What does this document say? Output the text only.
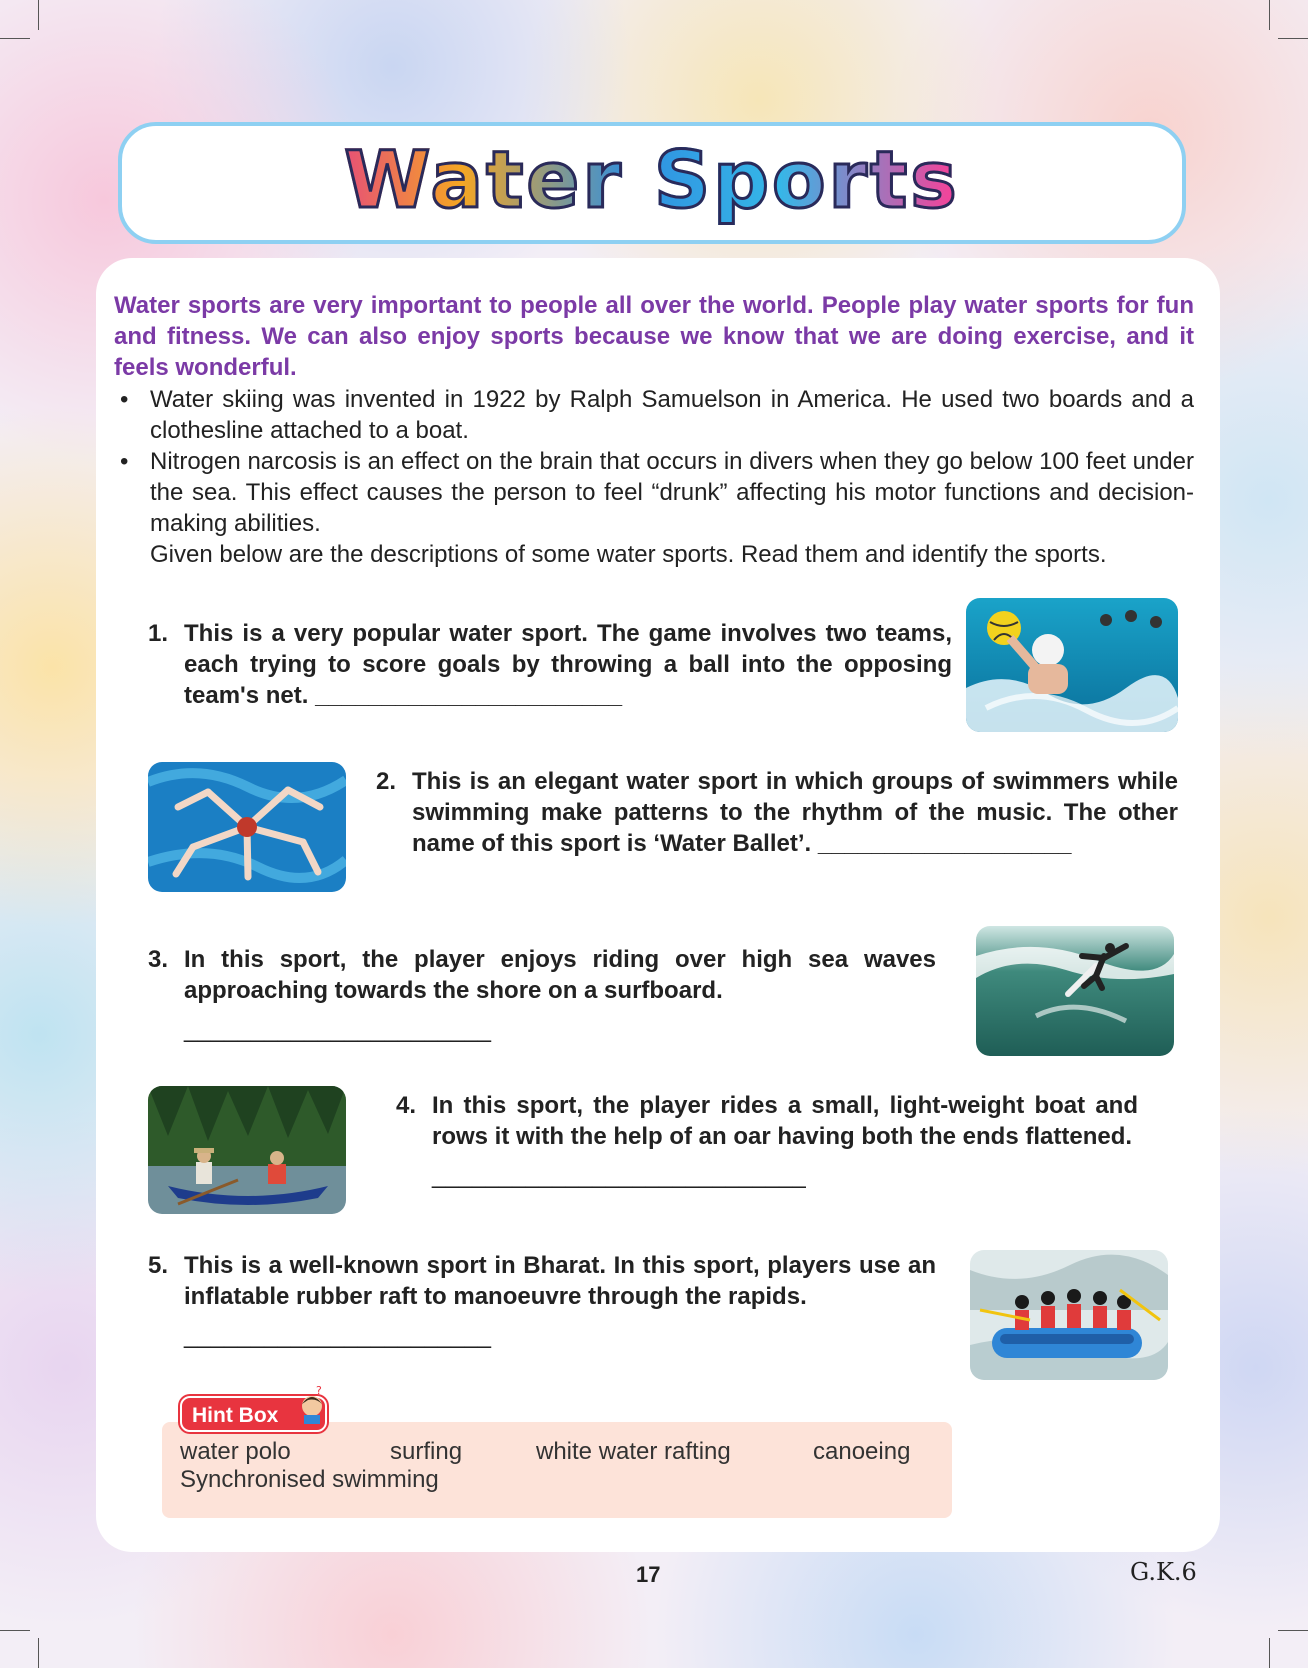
Water Sports
Water sports are very important to people all over the world. People play water sports for fun and fitness. We can also enjoy sports because we know that we are doing exercise, and it feels wonderful.
• Water skiing was invented in 1922 by Ralph Samuelson in America. He used two boards and a clothesline attached to a boat.
• Nitrogen narcosis is an effect on the brain that occurs in divers when they go below 100 feet under the sea. This effect causes the person to feel “drunk” affecting his motor functions and decision-making abilities.
Given below are the descriptions of some water sports. Read them and identify the sports.
1. This is a very popular water sport. The game involves two teams, each trying to score goals by throwing a ball into the opposing team's net. _______________________
2. This is an elegant water sport in which groups of swimmers while swimming make patterns to the rhythm of the music. The other name of this sport is ‘Water Ballet’. ___________________
3. In this sport, the player enjoys riding over high sea waves approaching towards the shore on a surfboard.
_______________________
4. In this sport, the player rides a small, light-weight boat and rows it with the help of an oar having both the ends flattened.
____________________________
5. This is a well-known sport in Bharat. In this sport, players use an inflatable rubber raft to manoeuvre through the rapids.
_______________________
Hint Box
?
water polo	surfing	white water rafting	canoeing
Synchronised swimming
17	G.K.6
